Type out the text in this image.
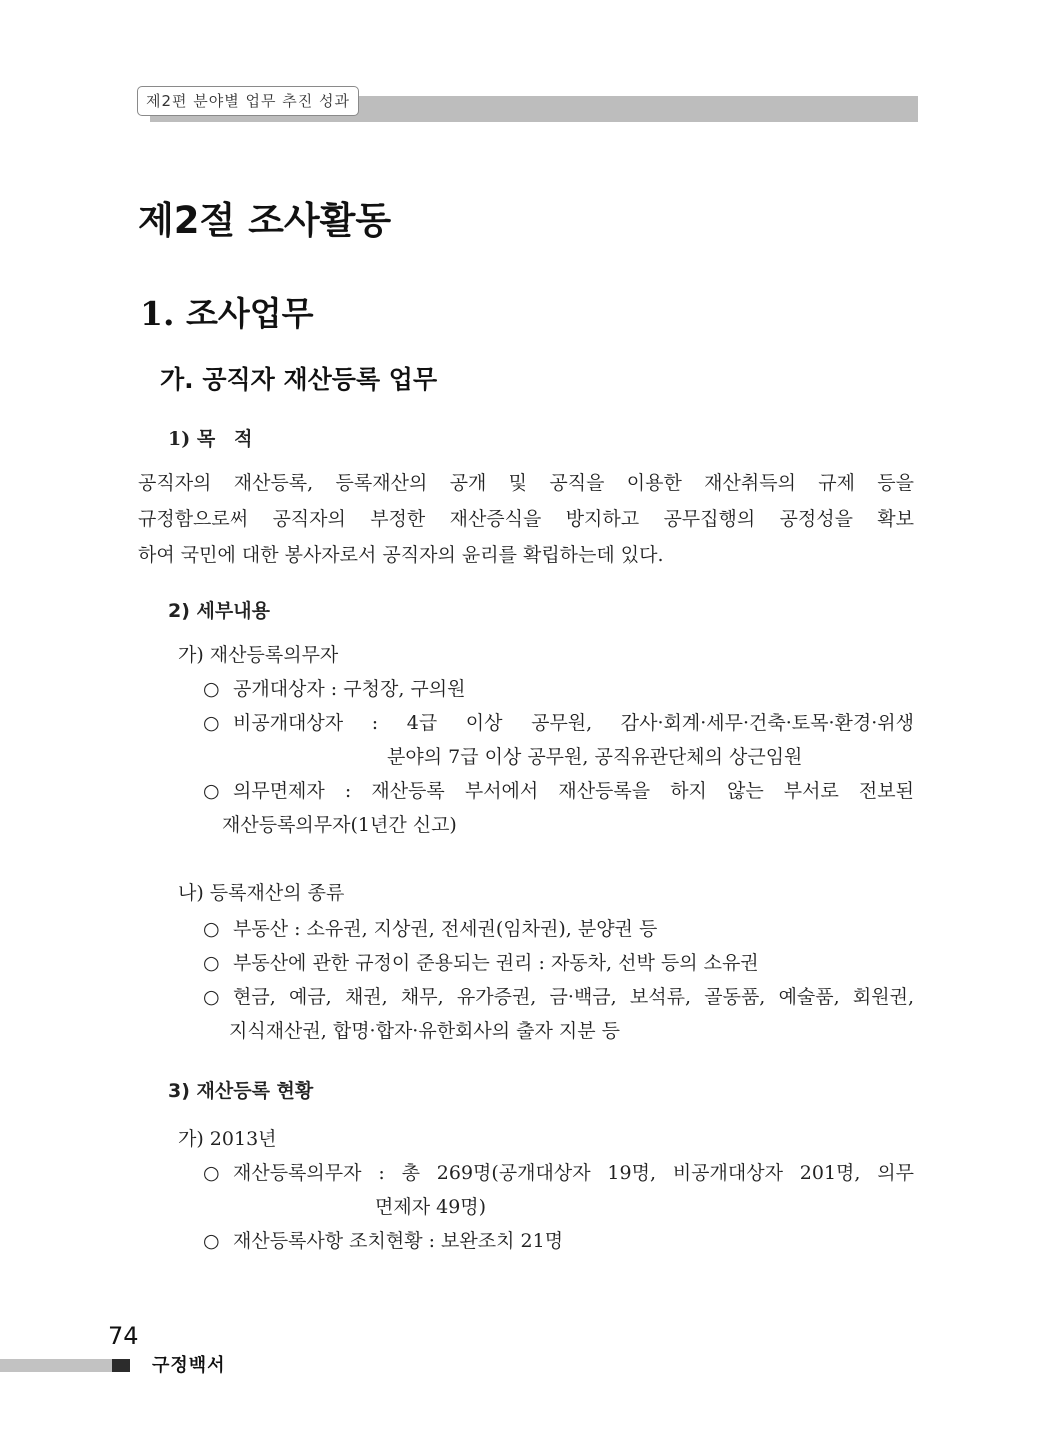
제2편 분야별 업무 추진 성과
제2절 조사활동
1. 조사업무
가. 공직자 재산등록 업무
1) 목　적
공직자의 재산등록, 등록재산의 공개 및 공직을 이용한 재산취득의 규제 등을
규정함으로써 공직자의 부정한 재산증식을 방지하고 공무집행의 공정성을 확보
하여 국민에 대한 봉사자로서 공직자의 윤리를 확립하는데 있다.
2) 세부내용
가) 재산등록의무자
○ 공개대상자 : 구청장, 구의원
○ 비공개대상자 : 4급 이상 공무원, 감사·회계·세무·건축·토목·환경·위생
분야의 7급 이상 공무원, 공직유관단체의 상근임원
○ 의무면제자 : 재산등록 부서에서 재산등록을 하지 않는 부서로 전보된
재산등록의무자(1년간 신고)
나) 등록재산의 종류
○ 부동산 : 소유권, 지상권, 전세권(임차권), 분양권 등
○ 부동산에 관한 규정이 준용되는 권리 : 자동차, 선박 등의 소유권
○ 현금, 예금, 채권, 채무, 유가증권, 금·백금, 보석류, 골동품, 예술품, 회원권,
지식재산권, 합명·합자·유한회사의 출자 지분 등
3) 재산등록 현황
가) 2013년
○ 재산등록의무자 : 총 269명(공개대상자 19명, 비공개대상자 201명, 의무
면제자 49명)
○ 재산등록사항 조치현황 : 보완조치 21명
74
구정백서
